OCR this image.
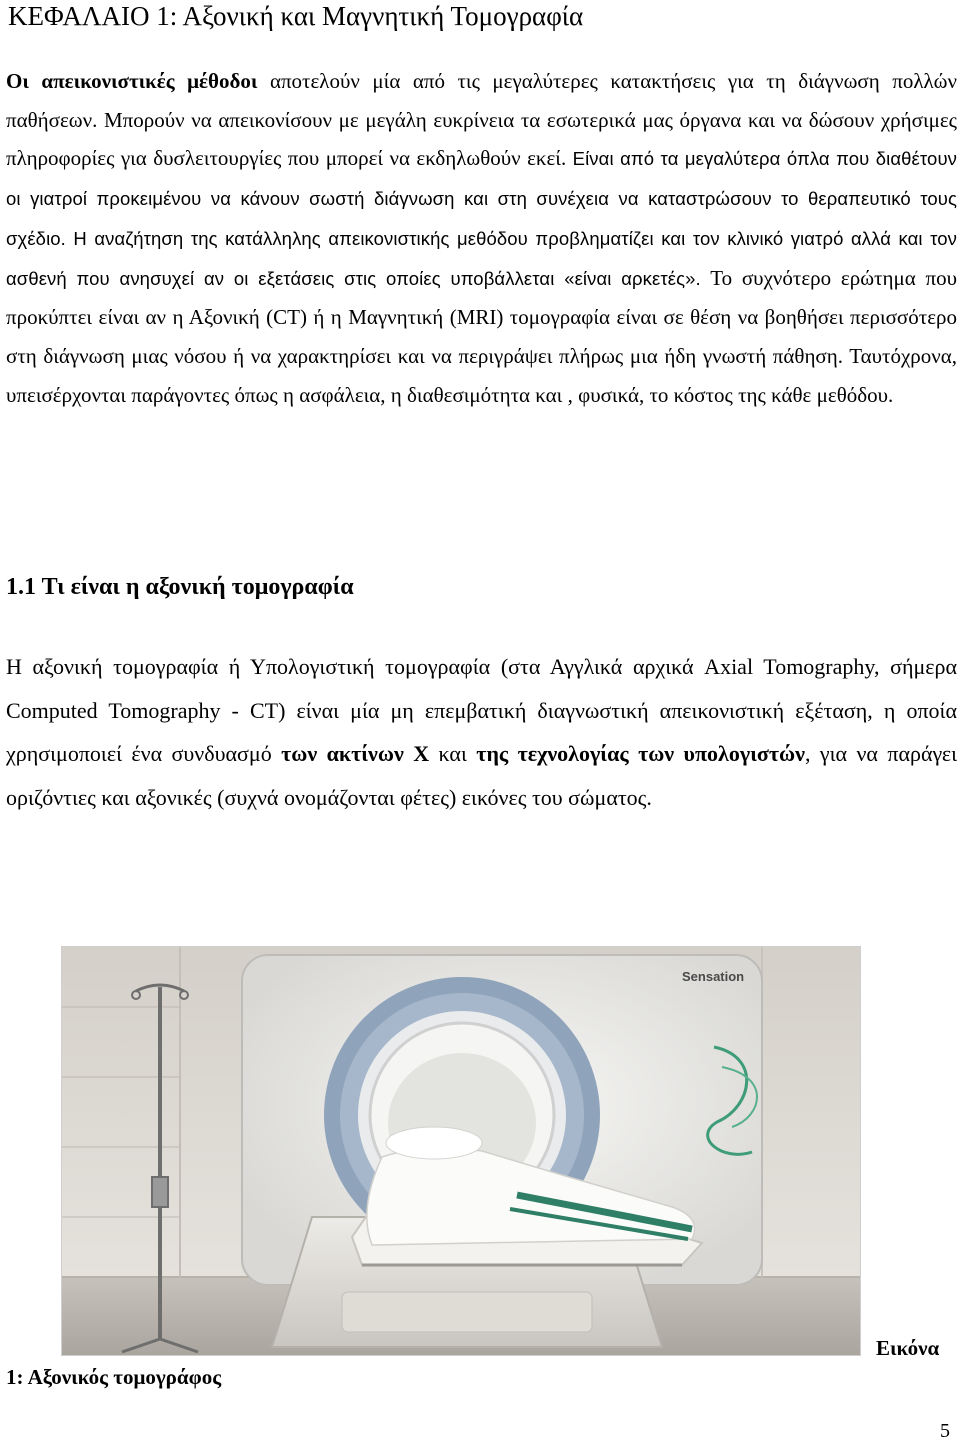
ΚΕΦΑΛΑΙΟ 1: Αξονική και Μαγνητική Τομογραφία
Οι απεικονιστικές μέθοδοι αποτελούν μία από τις μεγαλύτερες κατακτήσεις για τη διάγνωση πολλών παθήσεων. Μπορούν να απεικονίσουν με μεγάλη ευκρίνεια τα εσωτερικά μας όργανα και να δώσουν χρήσιμες πληροφορίες για δυσλειτουργίες που μπορεί να εκδηλωθούν εκεί. Είναι από τα μεγαλύτερα όπλα που διαθέτουν οι γιατροί προκειμένου να κάνουν σωστή διάγνωση και στη συνέχεια να καταστρώσουν το θεραπευτικό τους σχέδιο. Η αναζήτηση της κατάλληλης απεικονιστικής μεθόδου προβληματίζει και τον κλινικό γιατρό αλλά και τον ασθενή που ανησυχεί αν οι εξετάσεις στις οποίες υποβάλλεται «είναι αρκετές». Το συχνότερο ερώτημα που προκύπτει είναι αν η Αξονική (CT) ή η Μαγνητική (MRI) τομογραφία είναι σε θέση να βοηθήσει περισσότερο στη διάγνωση μιας νόσου ή να χαρακτηρίσει και να περιγράψει πλήρως μια ήδη γνωστή πάθηση. Ταυτόχρονα, υπεισέρχονται παράγοντες όπως η ασφάλεια, η διαθεσιμότητα και , φυσικά, το κόστος της κάθε μεθόδου.
1.1 Τι είναι η αξονική τομογραφία

Η αξονική τομογραφία ή Υπολογιστική τομογραφία (στα Αγγλικά αρχικά Axial Tomography, σήμερα Computed Tomography - CT) είναι μία μη επεμβατική διαγνωστική απεικονιστική εξέταση, η οποία χρησιμοποιεί ένα συνδυασμό των ακτίνων X και της τεχνολογίας των υπολογιστών, για να παράγει οριζόντιες και αξονικές (συχνά ονομάζονται φέτες) εικόνες του σώματος.

Sensation

Εικόνα

1: Αξονικός τομογράφος

5
